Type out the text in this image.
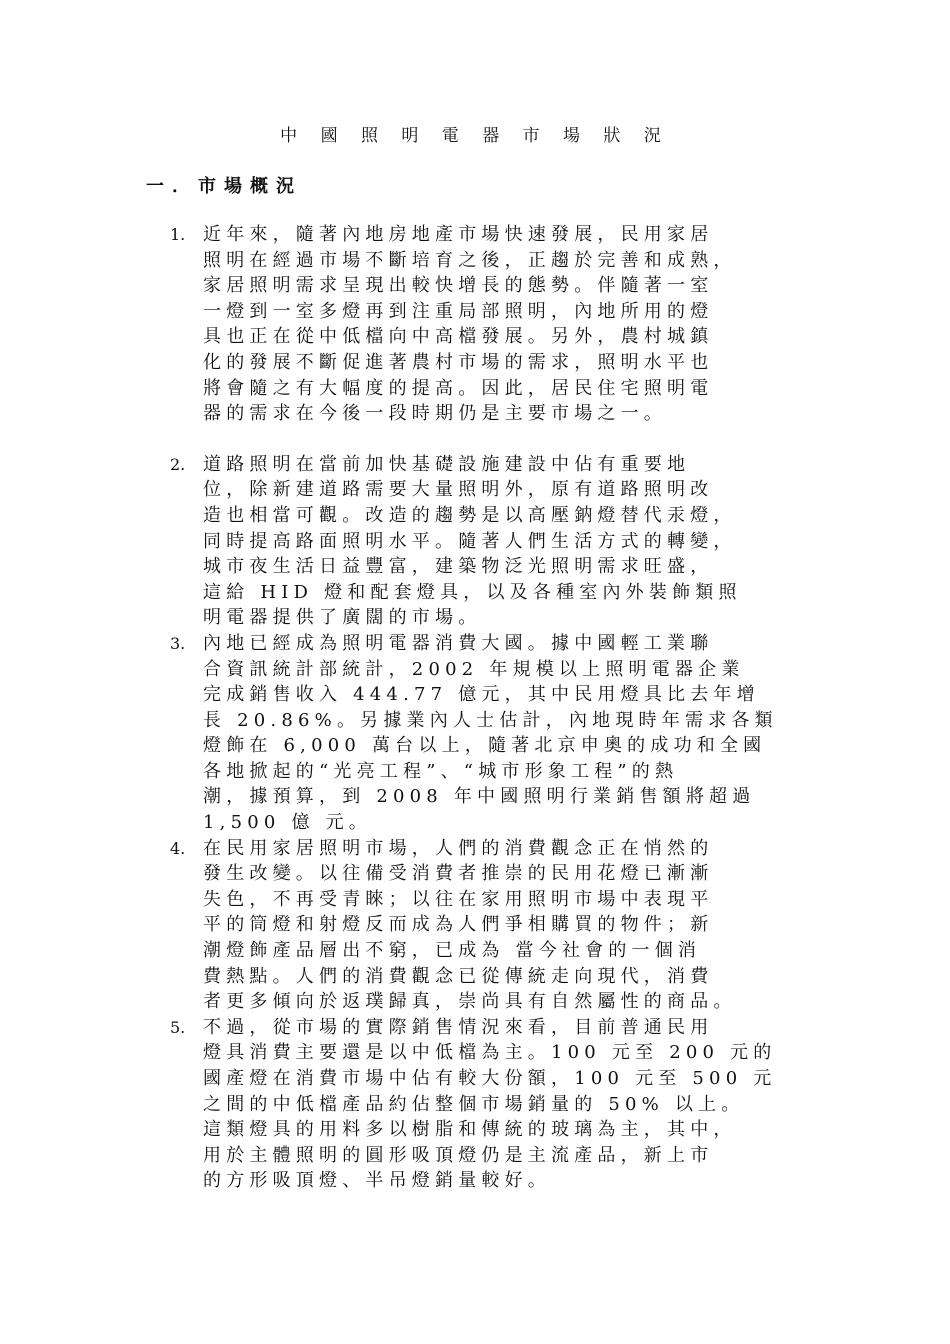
中 國 照 明 電 器 市 場 狀 況
一．市場概況
1. 近年來，隨著內地房地產市場快速發展，民用家居
照明在經過市場不斷培育之後，正趨於完善和成熟，
家居照明需求呈現出較快增長的態勢。伴隨著一室
一燈到一室多燈再到注重局部照明，內地所用的燈
具也正在從中低檔向中高檔發展。另外，農村城鎮
化的發展不斷促進著農村市場的需求，照明水平也
將會隨之有大幅度的提高。因此，居民住宅照明電
器的需求在今後一段時期仍是主要市場之一。
2. 道路照明在當前加快基礎設施建設中佔有重要地
位，除新建道路需要大量照明外，原有道路照明改
造也相當可觀。改造的趨勢是以高壓鈉燈替代汞燈，
同時提高路面照明水平。隨著人們生活方式的轉變，
城市夜生活日益豐富，建築物泛光照明需求旺盛，
這給 HID 燈和配套燈具，以及各種室內外裝飾類照
明電器提供了廣闊的市場。
3. 內地已經成為照明電器消費大國。據中國輕工業聯
合資訊統計部統計，2002 年規模以上照明電器企業
完成銷售收入 444.77 億元，其中民用燈具比去年增
長 20.86%。另據業內人士估計，內地現時年需求各類
燈飾在 6,000 萬台以上，隨著北京申奧的成功和全國
各地掀起的“光亮工程”、“城市形象工程”的熱
潮，據預算，到 2008 年中國照明行業銷售額將超過
1,500 億 元。
4. 在民用家居照明市場，人們的消費觀念正在悄然的
發生改變。以往備受消費者推崇的民用花燈已漸漸
失色，不再受青睞；以往在家用照明市場中表現平
平的筒燈和射燈反而成為人們爭相購買的物件；新
潮燈飾產品層出不窮，已成為 當今社會的一個消
費熱點。人們的消費觀念已從傳統走向現代，消費
者更多傾向於返璞歸真，崇尚具有自然屬性的商品。
5. 不過，從市場的實際銷售情況來看，目前普通民用
燈具消費主要還是以中低檔為主。100 元至 200 元的
國產燈在消費市場中佔有較大份額，100 元至 500 元
之間的中低檔產品約佔整個市場銷量的 50% 以上。
這類燈具的用料多以樹脂和傳統的玻璃為主，其中，
用於主體照明的圓形吸頂燈仍是主流產品，新上市
的方形吸頂燈、半吊燈銷量較好。
